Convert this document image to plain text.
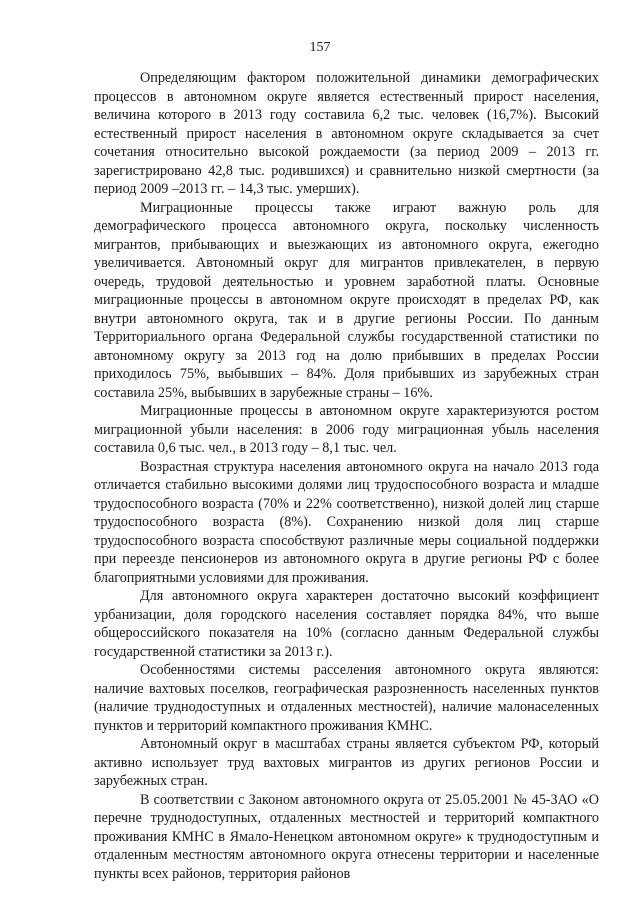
157

Определяющим фактором положительной динамики демографических процессов в автономном округе является естественный прирост населения, величина которого в 2013 году составила 6,2 тыс. человек (16,7%). Высокий естественный прирост населения в автономном округе складывается за счет сочетания относительно высокой рождаемости (за период 2009 – 2013 гг. зарегистрировано 42,8 тыс. родившихся) и сравнительно низкой смертности (за период 2009 –2013 гг. – 14,3 тыс. умерших).

Миграционные процессы также играют важную роль для демографического процесса автономного округа, поскольку численность мигрантов, прибывающих и выезжающих из автономного округа, ежегодно увеличивается. Автономный округ для мигрантов привлекателен, в первую очередь, трудовой деятельностью и уровнем заработной платы. Основные миграционные процессы в автономном округе происходят в пределах РФ, как внутри автономного округа, так и в другие регионы России. По данным Территориального органа Федеральной службы государственной статистики по автономному округу за 2013 год на долю прибывших в пределах России приходилось 75%, выбывших – 84%. Доля прибывших из зарубежных стран составила 25%, выбывших в зарубежные страны – 16%.

Миграционные процессы в автономном округе характеризуются ростом миграционной убыли населения: в 2006 году миграционная убыль населения составила 0,6 тыс. чел., в 2013 году – 8,1 тыс. чел.

Возрастная структура населения автономного округа на начало 2013 года отличается стабильно высокими долями лиц трудоспособного возраста и младше трудоспособного возраста (70% и 22% соответственно), низкой долей лиц старше трудоспособного возраста (8%). Сохранению низкой доля лиц старше трудоспособного возраста способствуют различные меры социальной поддержки при переезде пенсионеров из автономного округа в другие регионы РФ с более благоприятными условиями для проживания.

Для автономного округа характерен достаточно высокий коэффициент урбанизации, доля городского населения составляет порядка 84%, что выше общероссийского показателя на 10% (согласно данным Федеральной службы государственной статистики за 2013 г.).

Особенностями системы расселения автономного округа являются: наличие вахтовых поселков, географическая разрозненность населенных пунктов (наличие труднодоступных и отдаленных местностей), наличие малонаселенных пунктов и территорий компактного проживания КМНС.

Автономный округ в масштабах страны является субъектом РФ, который активно использует труд вахтовых мигрантов из других регионов России и зарубежных стран.

В соответствии с Законом автономного округа от 25.05.2001 № 45-ЗАО «О перечне труднодоступных, отдаленных местностей и территорий компактного проживания КМНС в Ямало-Ненецком автономном округе» к труднодоступным и отдаленным местностям автономного округа отнесены территории и населенные пункты всех районов, территория районов
